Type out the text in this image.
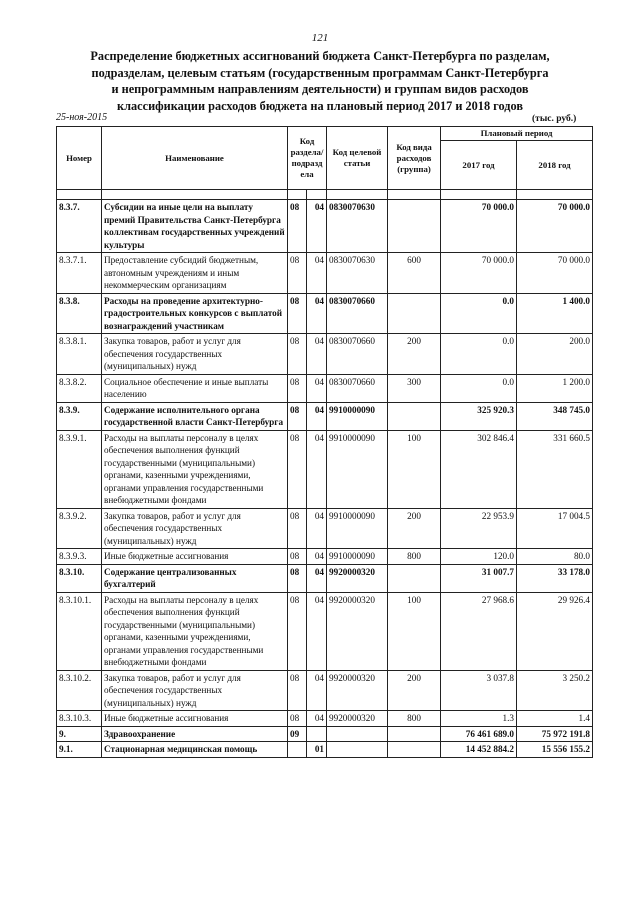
121
Распределение бюджетных ассигнований бюджета Санкт-Петербурга по разделам,
подразделам, целевым статьям (государственным программам Санкт-Петербурга
и непрограммным направлениям деятельности) и группам видов расходов
классификации расходов бюджета на плановый период 2017 и 2018 годов
25-ноя-2015	(тыс. руб.)
Номер	Наименование	Код раздела/ подразд ела		Код целевой статьи	Код вида расходов (группа)	Плановый период	
						2017 год	2018 год

8.3.7.	Субсидии на иные цели на выплату премий Правительства Санкт-Петербурга коллективам государственных учреждений культуры	08	04	0830070630		70 000.0	70 000.0
8.3.7.1.	Предоставление субсидий бюджетным, автономным учреждениям и иным некоммерческим организациям	08	04	0830070630	600	70 000.0	70 000.0
8.3.8.	Расходы на проведение архитектурно-градостроительных конкурсов с выплатой вознаграждений участникам	08	04	0830070660		0.0	1 400.0
8.3.8.1.	Закупка товаров, работ и услуг для обеспечения государственных (муниципальных) нужд	08	04	0830070660	200	0.0	200.0
8.3.8.2.	Социальное обеспечение и иные выплаты населению	08	04	0830070660	300	0.0	1 200.0
8.3.9.	Содержание исполнительного органа государственной власти Санкт-Петербурга	08	04	9910000090		325 920.3	348 745.0
8.3.9.1.	Расходы на выплаты персоналу в целях обеспечения выполнения функций государственными (муниципальными) органами, казенными учреждениями, органами управления государственными внебюджетными фондами	08	04	9910000090	100	302 846.4	331 660.5
8.3.9.2.	Закупка товаров, работ и услуг для обеспечения государственных (муниципальных) нужд	08	04	9910000090	200	22 953.9	17 004.5
8.3.9.3.	Иные бюджетные ассигнования	08	04	9910000090	800	120.0	80.0
8.3.10.	Содержание централизованных бухгалтерий	08	04	9920000320		31 007.7	33 178.0
8.3.10.1.	Расходы на выплаты персоналу в целях обеспечения выполнения функций государственными (муниципальными) органами, казенными учреждениями, органами управления государственными внебюджетными фондами	08	04	9920000320	100	27 968.6	29 926.4
8.3.10.2.	Закупка товаров, работ и услуг для обеспечения государственных (муниципальных) нужд	08	04	9920000320	200	3 037.8	3 250.2
8.3.10.3.	Иные бюджетные ассигнования	08	04	9920000320	800	1.3	1.4
9.	Здравоохранение	09				76 461 689.0	75 972 191.8
9.1.	Стационарная медицинская помощь		01			14 452 884.2	15 556 155.2
